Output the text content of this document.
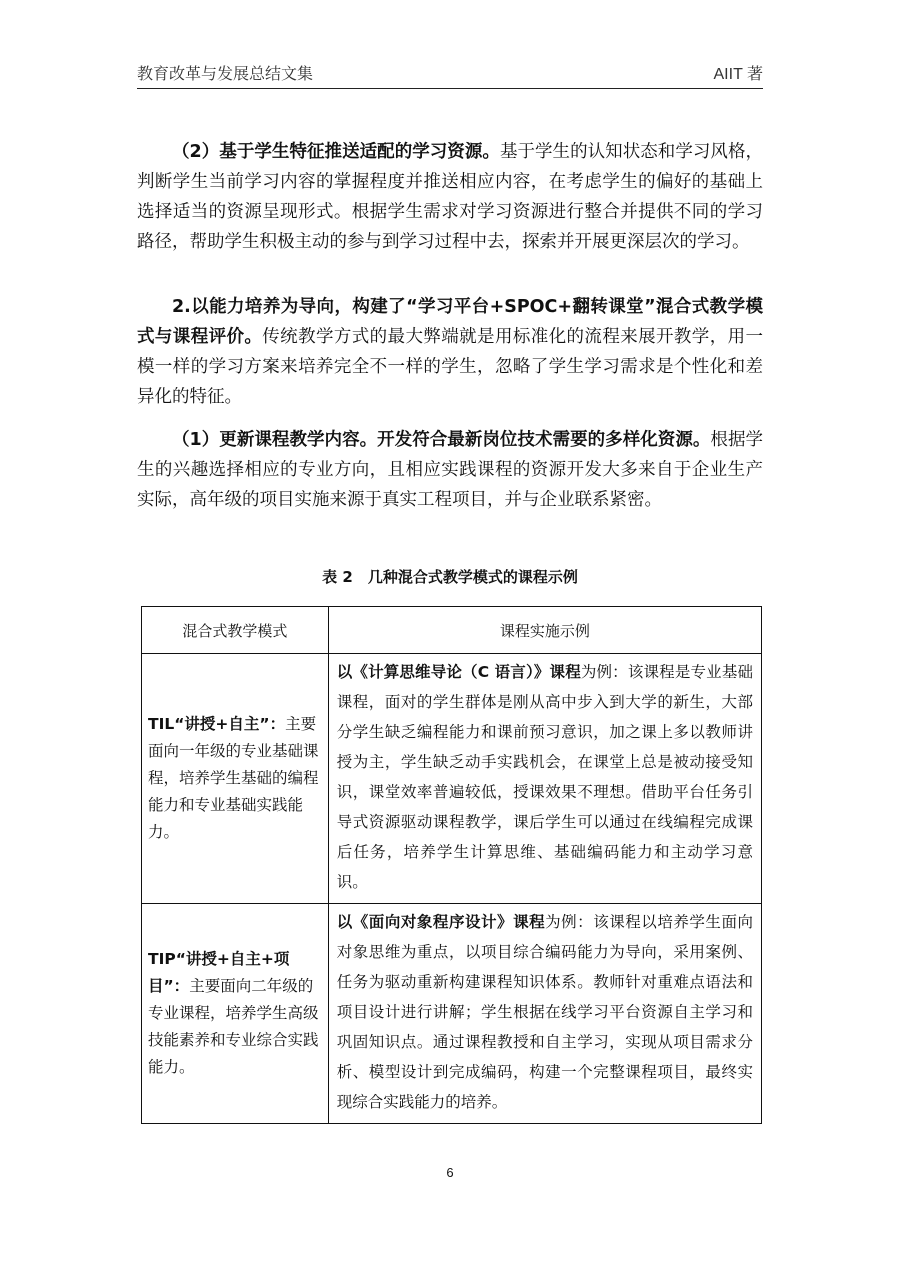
教育改革与发展总结文集	AIIT 著

（2）基于学生特征推送适配的学习资源。基于学生的认知状态和学习风格，判断学生当前学习内容的掌握程度并推送相应内容，在考虑学生的偏好的基础上选择适当的资源呈现形式。根据学生需求对学习资源进行整合并提供不同的学习路径，帮助学生积极主动的参与到学习过程中去，探索并开展更深层次的学习。

2.以能力培养为导向，构建了“学习平台+SPOC+翻转课堂”混合式教学模式与课程评价。传统教学方式的最大弊端就是用标准化的流程来展开教学，用一模一样的学习方案来培养完全不一样的学生，忽略了学生学习需求是个性化和差异化的特征。

（1）更新课程教学内容。开发符合最新岗位技术需要的多样化资源。根据学生的兴趣选择相应的专业方向，且相应实践课程的资源开发大多来自于企业生产实际，高年级的项目实施来源于真实工程项目，并与企业联系紧密。

表 2　几种混合式教学模式的课程示例
混合式教学模式	课程实施示例
TIL“讲授+自主”：主要面向一年级的专业基础课程，培养学生基础的编程能力和专业基础实践能力。	以《计算思维导论（C 语言）》课程为例：该课程是专业基础课程，面对的学生群体是刚从高中步入到大学的新生，大部分学生缺乏编程能力和课前预习意识，加之课上多以教师讲授为主，学生缺乏动手实践机会，在课堂上总是被动接受知识，课堂效率普遍较低，授课效果不理想。借助平台任务引导式资源驱动课程教学，课后学生可以通过在线编程完成课后任务，培养学生计算思维、基础编码能力和主动学习意识。
TIP“讲授+自主+项目”：主要面向二年级的专业课程，培养学生高级技能素养和专业综合实践能力。	以《面向对象程序设计》课程为例：该课程以培养学生面向对象思维为重点，以项目综合编码能力为导向，采用案例、任务为驱动重新构建课程知识体系。教师针对重难点语法和项目设计进行讲解；学生根据在线学习平台资源自主学习和巩固知识点。通过课程教授和自主学习，实现从项目需求分析、模型设计到完成编码，构建一个完整课程项目，最终实现综合实践能力的培养。
6
